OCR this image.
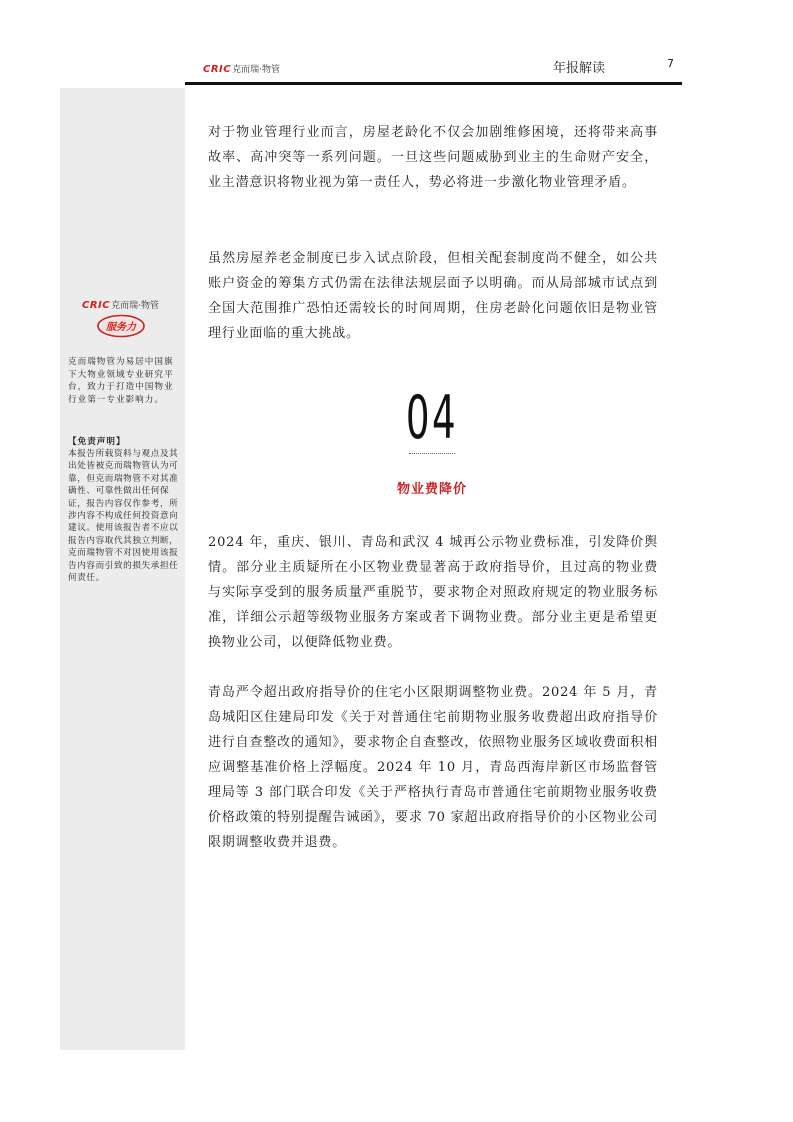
CRIC 克而瑞·物管	年报解读	7
CRIC 克而瑞·物管
服务力
克而瑞物管为易居中国旗下大物业领域专业研究平台，致力于打造中国物业行业第一专业影响力。
【免责声明】
本报告所载资料与观点及其出处皆被克而瑞物管认为可靠，但克而瑞物管不对其准确性、可靠性做出任何保证，报告内容仅作参考，所涉内容不构成任何投资意向建议。使用该报告者不应以报告内容取代其独立判断，克而瑞物管不对因使用该报告内容而引致的损失承担任何责任。

对于物业管理行业而言，房屋老龄化不仅会加剧维修困境，还将带来高事故率、高冲突等一系列问题。一旦这些问题威胁到业主的生命财产安全，业主潜意识将物业视为第一责任人，势必将进一步激化物业管理矛盾。

虽然房屋养老金制度已步入试点阶段，但相关配套制度尚不健全，如公共账户资金的筹集方式仍需在法律法规层面予以明确。而从局部城市试点到全国大范围推广恐怕还需较长的时间周期，住房老龄化问题依旧是物业管理行业面临的重大挑战。

04
物业费降价

2024 年，重庆、银川、青岛和武汉 4 城再公示物业费标准，引发降价舆情。部分业主质疑所在小区物业费显著高于政府指导价，且过高的物业费与实际享受到的服务质量严重脱节，要求物企对照政府规定的物业服务标准，详细公示超等级物业服务方案或者下调物业费。部分业主更是希望更换物业公司，以便降低物业费。

青岛严令超出政府指导价的住宅小区限期调整物业费。2024 年 5 月，青岛城阳区住建局印发《关于对普通住宅前期物业服务收费超出政府指导价进行自查整改的通知》，要求物企自查整改，依照物业服务区域收费面积相应调整基准价格上浮幅度。2024 年 10 月，青岛西海岸新区市场监督管理局等 3 部门联合印发《关于严格执行青岛市普通住宅前期物业服务收费价格政策的特别提醒告诫函》，要求 70 家超出政府指导价的小区物业公司限期调整收费并退费。
